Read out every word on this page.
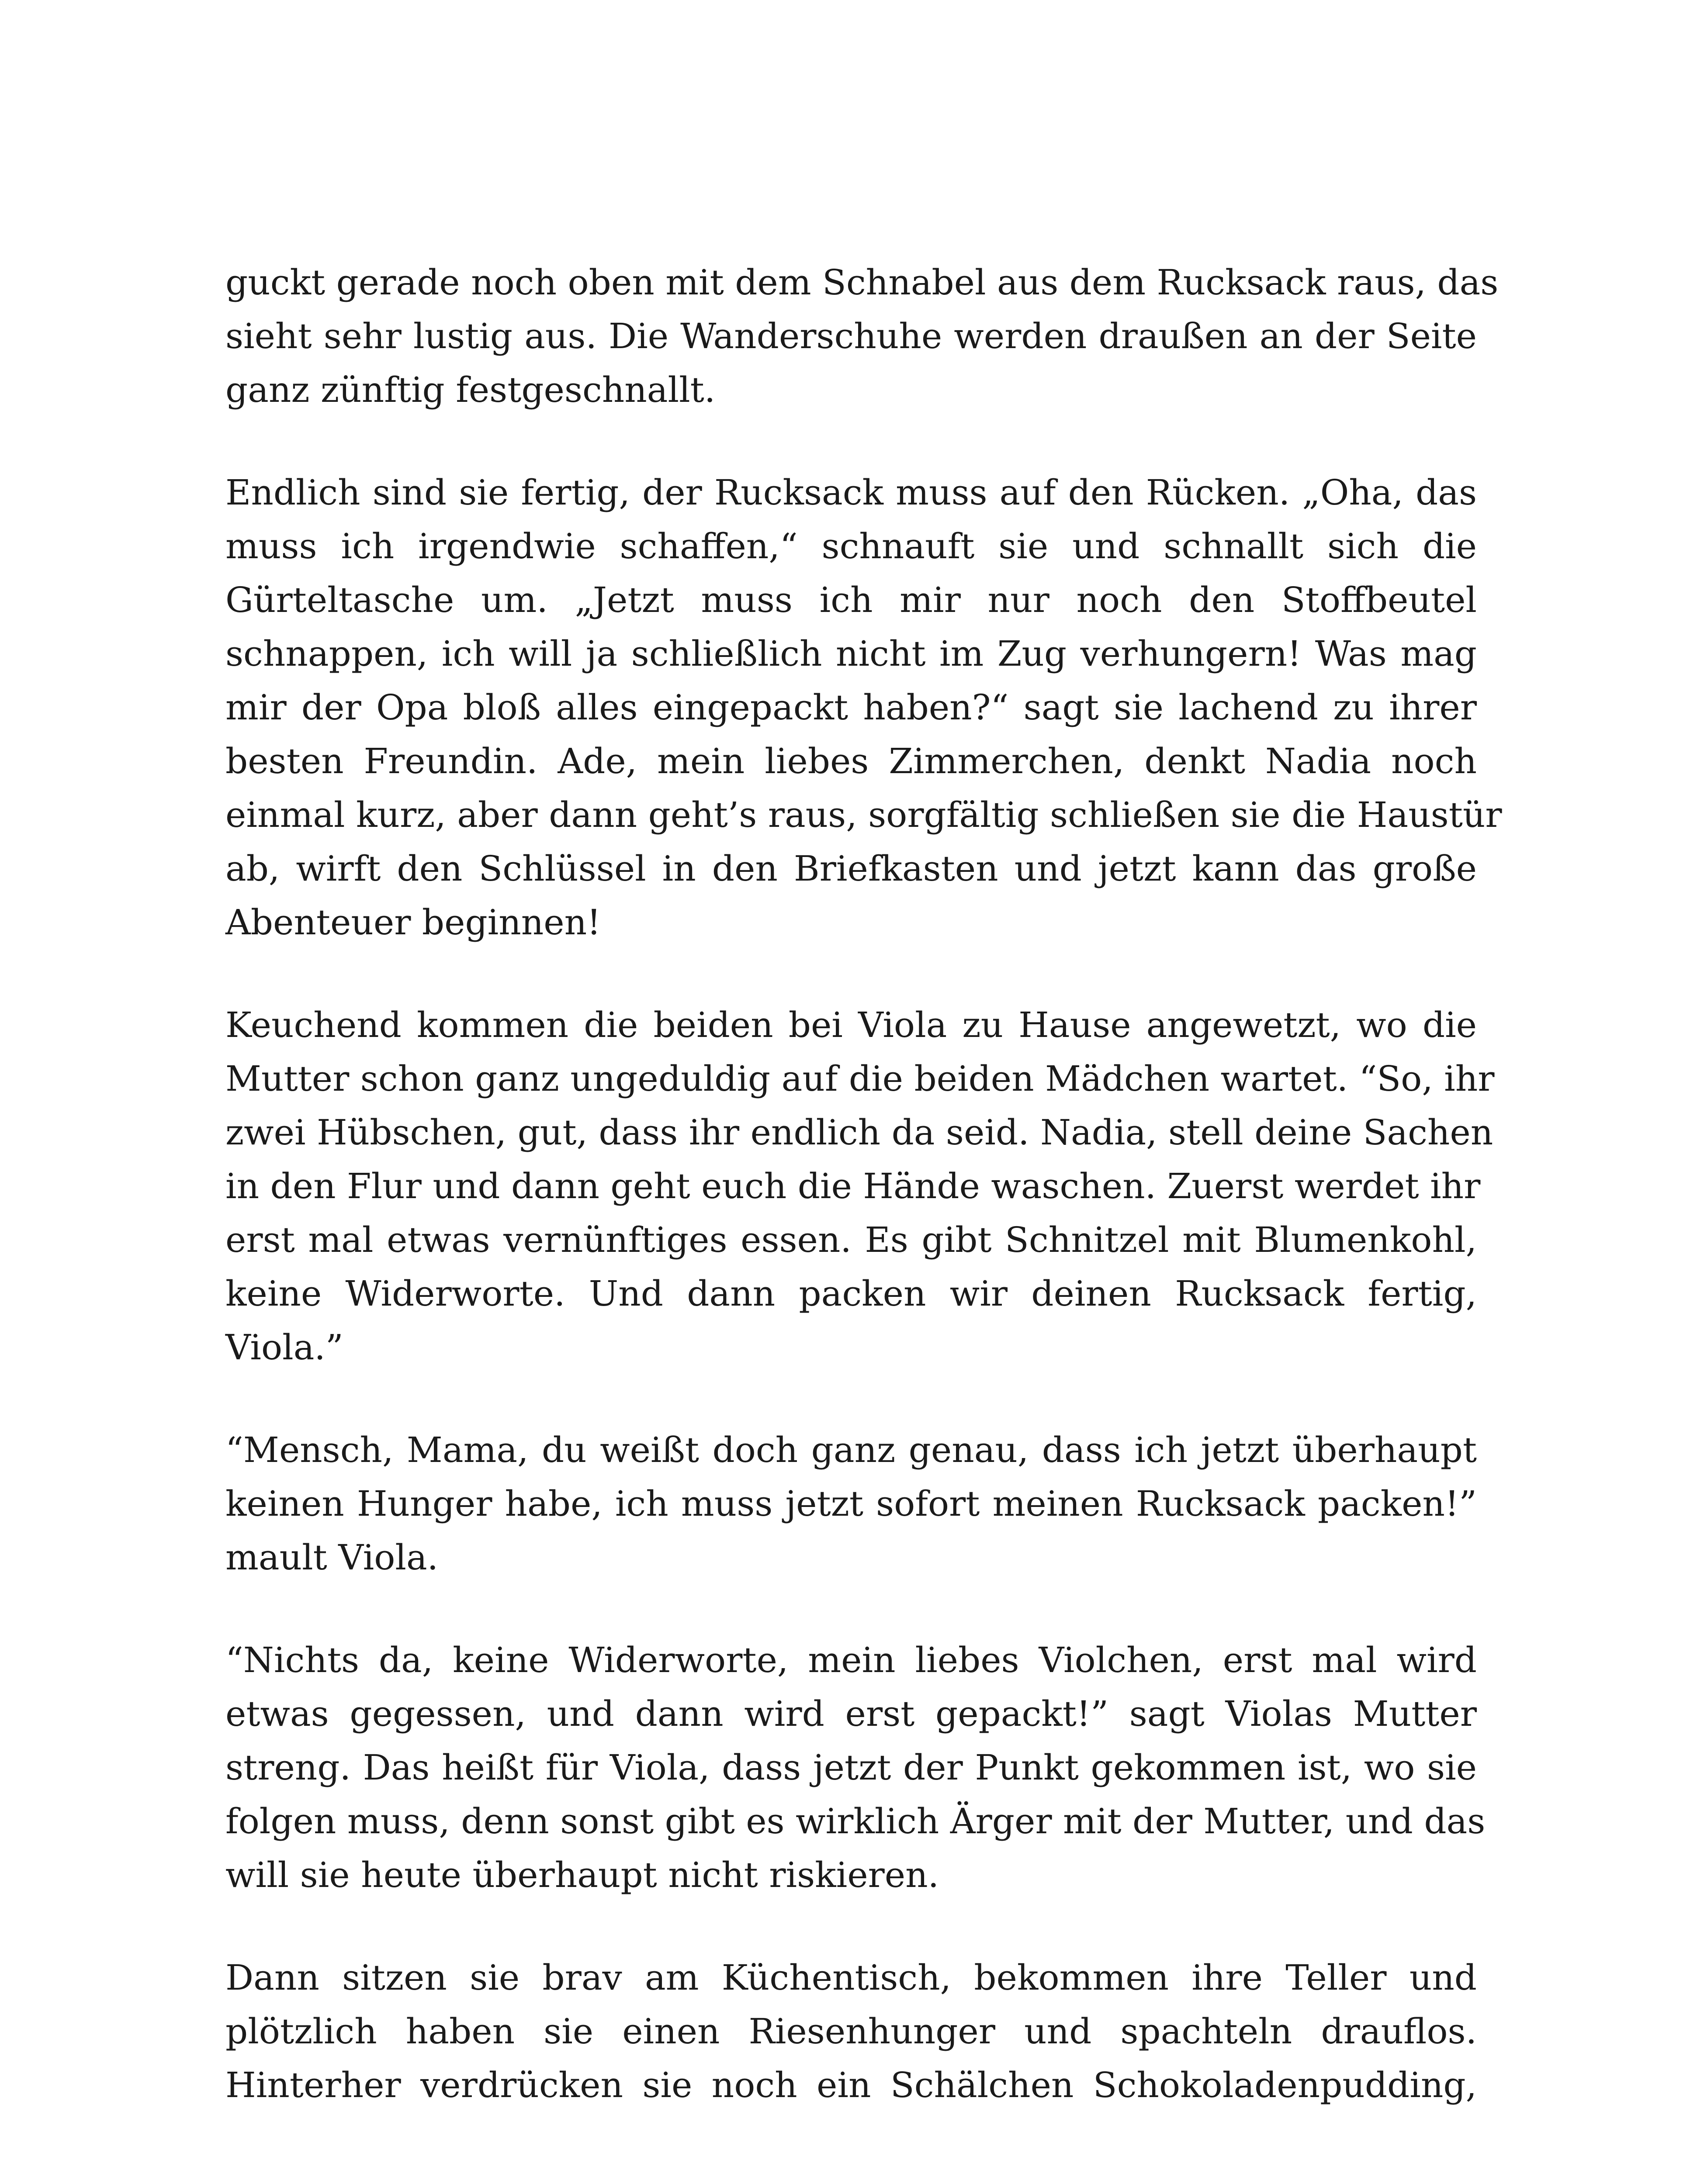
guckt gerade noch oben mit dem Schnabel aus dem Rucksack raus, das
sieht sehr lustig aus. Die Wanderschuhe werden draußen an der Seite
ganz zünftig festgeschnallt.

Endlich sind sie fertig, der Rucksack muss auf den Rücken. „Oha, das
muss ich irgendwie schaffen,“ schnauft sie und schnallt sich die
Gürteltasche um. „Jetzt muss ich mir nur noch den Stoffbeutel
schnappen, ich will ja schließlich nicht im Zug verhungern! Was mag
mir der Opa bloß alles eingepackt haben?“ sagt sie lachend zu ihrer
besten Freundin. Ade, mein liebes Zimmerchen, denkt Nadia noch
einmal kurz, aber dann geht’s raus, sorgfältig schließen sie die Haustür
ab, wirft den Schlüssel in den Briefkasten und jetzt kann das große
Abenteuer beginnen!

Keuchend kommen die beiden bei Viola zu Hause angewetzt, wo die
Mutter schon ganz ungeduldig auf die beiden Mädchen wartet. “So, ihr
zwei Hübschen, gut, dass ihr endlich da seid. Nadia, stell deine Sachen
in den Flur und dann geht euch die Hände waschen. Zuerst werdet ihr
erst mal etwas vernünftiges essen. Es gibt Schnitzel mit Blumenkohl,
keine Widerworte. Und dann packen wir deinen Rucksack fertig,
Viola.”

“Mensch, Mama, du weißt doch ganz genau, dass ich jetzt überhaupt
keinen Hunger habe, ich muss jetzt sofort meinen Rucksack packen!”
mault Viola.

“Nichts da, keine Widerworte, mein liebes Violchen, erst mal wird
etwas gegessen, und dann wird erst gepackt!” sagt Violas Mutter
streng. Das heißt für Viola, dass jetzt der Punkt gekommen ist, wo sie
folgen muss, denn sonst gibt es wirklich Ärger mit der Mutter, und das
will sie heute überhaupt nicht riskieren.

Dann sitzen sie brav am Küchentisch, bekommen ihre Teller und
plötzlich haben sie einen Riesenhunger und spachteln drauflos.
Hinterher verdrücken sie noch ein Schälchen Schokoladenpudding,
